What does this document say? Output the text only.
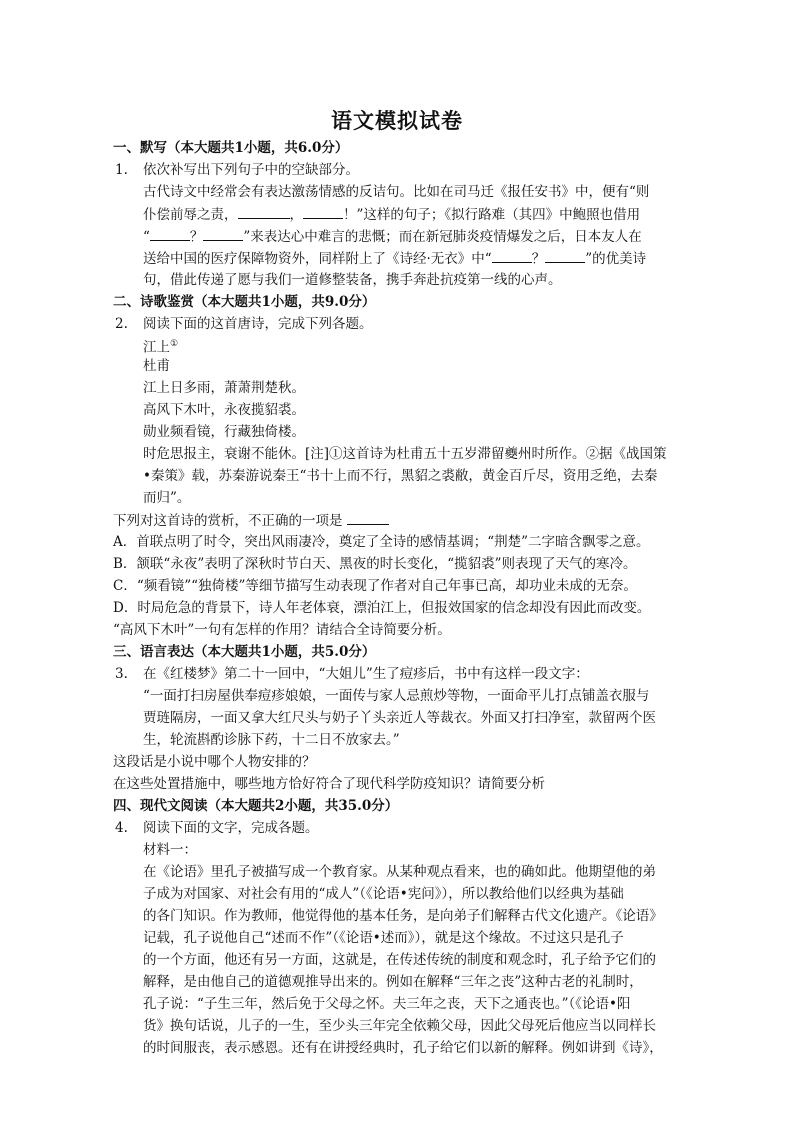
语文模拟试卷
一、默写（本大题共1小题，共6.0分）
1.	依次补写出下列句子中的空缺部分。
古代诗文中经常会有表达激荡情感的反诘句。比如在司马迁《报任安书》中，便有“则
仆偿前辱之责，	，	！”这样的句子；《拟行路难（其四》中鲍照也借用
“	？	”来表达心中难言的悲慨；而在新冠肺炎疫情爆发之后，日本友人在
送给中国的医疗保障物资外，同样附上了《诗经·无衣》中“	？	”的优美诗
句，借此传递了愿与我们一道修整装备，携手奔赴抗疫第一线的心声。
二、诗歌鉴赏（本大题共1小题，共9.0分）
2.	阅读下面的这首唐诗，完成下列各题。
江上①
杜甫
江上日多雨，萧萧荆楚秋。
高风下木叶，永夜揽貂裘。
勋业频看镜，行藏独倚楼。
时危思报主，衰谢不能休。[注]①这首诗为杜甫五十五岁滞留夔州时所作。②据《战国策
•秦策》载，苏秦游说秦王“书十上而不行，黑貂之裘敝，黄金百斤尽，资用乏绝，去秦
而归”。
下列对这首诗的赏析，不正确的一项是
A．首联点明了时令，突出风雨凄冷，奠定了全诗的感情基调；“荆楚”二字暗含飘零之意。
B．颔联“永夜”表明了深秋时节白天、黑夜的时长变化，“揽貂裘”则表现了天气的寒冷。
C．“频看镜”“独倚楼”等细节描写生动表现了作者对自己年事已高，却功业未成的无奈。
D．时局危急的背景下，诗人年老体衰，漂泊江上，但报效国家的信念却没有因此而改变。
“高风下木叶”一句有怎样的作用？请结合全诗简要分析。
三、语言表达（本大题共1小题，共5.0分）
3.	在《红楼梦》第二十一回中，“大姐儿”生了痘疹后，书中有这样一段文字：
“一面打扫房屋供奉痘疹娘娘，一面传与家人忌煎炒等物，一面命平儿打点铺盖衣服与
贾琏隔房，一面又拿大红尺头与奶子丫头亲近人等裁衣。外面又打扫净室，款留两个医
生，轮流斟酌诊脉下药，十二日不放家去。”
这段话是小说中哪个人物安排的？
在这些处置措施中，哪些地方恰好符合了现代科学防疫知识？请简要分析
四、现代文阅读（本大题共2小题，共35.0分）
4.	阅读下面的文字，完成各题。
材料一：
在《论语》里孔子被描写成一个教育家。从某种观点看来，也的确如此。他期望他的弟
子成为对国家、对社会有用的“成人”（《论语•宪问》），所以教给他们以经典为基础
的各门知识。作为教师，他觉得他的基本任务，是向弟子们解释古代文化遗产。《论语》
记载，孔子说他自己“述而不作”（《论语•述而》），就是这个缘故。不过这只是孔子
的一个方面，他还有另一方面，这就是，在传述传统的制度和观念时，孔子给予它们的
解释，是由他自己的道德观推导出来的。例如在解释“三年之丧”这种古老的礼制时，
孔子说：“子生三年，然后免于父母之怀。夫三年之丧，天下之通丧也。”（《论语•阳
货》换句话说，儿子的一生，至少头三年完全依赖父母，因此父母死后他应当以同样长
的时间服丧，表示感恩。还有在讲授经典时，孔子给它们以新的解释。例如讲到《诗》，
